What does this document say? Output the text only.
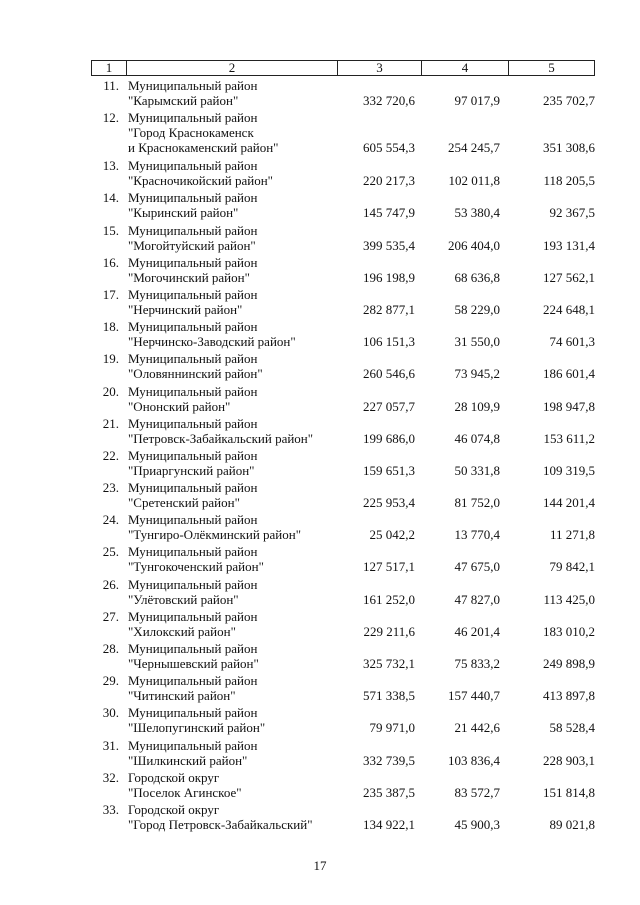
1	2	3	4	5
11. Муниципальный район
"Карымский район"	332 720,6	97 017,9	235 702,7
12. Муниципальный район
"Город Краснокаменск
и Краснокаменский район"	605 554,3	254 245,7	351 308,6
13. Муниципальный район
"Красночикойский район"	220 217,3	102 011,8	118 205,5
14. Муниципальный район
"Кыринский район"	145 747,9	53 380,4	92 367,5
15. Муниципальный район
"Могойтуйский район"	399 535,4	206 404,0	193 131,4
16. Муниципальный район
"Могочинский район"	196 198,9	68 636,8	127 562,1
17. Муниципальный район
"Нерчинский район"	282 877,1	58 229,0	224 648,1
18. Муниципальный район
"Нерчинско-Заводский район"	106 151,3	31 550,0	74 601,3
19. Муниципальный район
"Оловяннинский район"	260 546,6	73 945,2	186 601,4
20. Муниципальный район
"Ононский район"	227 057,7	28 109,9	198 947,8
21. Муниципальный район
"Петровск-Забайкальский район"	199 686,0	46 074,8	153 611,2
22. Муниципальный район
"Приаргунский район"	159 651,3	50 331,8	109 319,5
23. Муниципальный район
"Сретенский район"	225 953,4	81 752,0	144 201,4
24. Муниципальный район
"Тунгиро-Олёкминский район"	25 042,2	13 770,4	11 271,8
25. Муниципальный район
"Тунгокоченский район"	127 517,1	47 675,0	79 842,1
26. Муниципальный район
"Улётовский район"	161 252,0	47 827,0	113 425,0
27. Муниципальный район
"Хилокский район"	229 211,6	46 201,4	183 010,2
28. Муниципальный район
"Чернышевский район"	325 732,1	75 833,2	249 898,9
29. Муниципальный район
"Читинский район"	571 338,5	157 440,7	413 897,8
30. Муниципальный район
"Шелопугинский район"	79 971,0	21 442,6	58 528,4
31. Муниципальный район
"Шилкинский район"	332 739,5	103 836,4	228 903,1
32. Городской округ
"Поселок Агинское"	235 387,5	83 572,7	151 814,8
33. Городской округ
"Город Петровск-Забайкальский"	134 922,1	45 900,3	89 021,8
17
